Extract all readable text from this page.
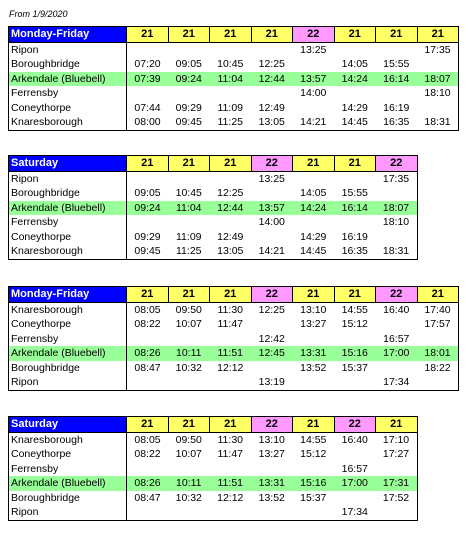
From 1/9/2020
Monday-Friday	21	21	21	21	22	21	21	21
Ripon					13:25			17:35
Boroughbridge	07:20	09:05	10:45	12:25		14:05	15:55	
Arkendale (Bluebell)	07:39	09:24	11:04	12:44	13:57	14:24	16:14	18:07
Ferrensby					14:00			18:10
Coneythorpe	07:44	09:29	11:09	12:49		14:29	16:19	
Knaresborough	08:00	09:45	11:25	13:05	14:21	14:45	16:35	18:31
Saturday	21	21	21	22	21	21	22
Ripon				13:25			17:35
Boroughbridge	09:05	10:45	12:25		14:05	15:55	
Arkendale (Bluebell)	09:24	11:04	12:44	13:57	14:24	16:14	18:07
Ferrensby				14:00			18:10
Coneythorpe	09:29	11:09	12:49		14:29	16:19	
Knaresborough	09:45	11:25	13:05	14:21	14:45	16:35	18:31
Monday-Friday	21	21	21	22	21	21	22	21
Knaresborough	08:05	09:50	11:30	12:25	13:10	14:55	16:40	17:40
Coneythorpe	08:22	10:07	11:47		13:27	15:12		17:57
Ferrensby				12:42			16:57	
Arkendale (Bluebell)	08:26	10:11	11:51	12:45	13:31	15:16	17:00	18:01
Boroughbridge	08:47	10:32	12:12		13:52	15:37		18:22
Ripon				13:19			17:34	
Saturday	21	21	21	22	21	22	21
Knaresborough	08:05	09:50	11:30	13:10	14:55	16:40	17:10
Coneythorpe	08:22	10:07	11:47	13:27	15:12		17:27
Ferrensby						16:57	
Arkendale (Bluebell)	08:26	10:11	11:51	13:31	15:16	17:00	17:31
Boroughbridge	08:47	10:32	12:12	13:52	15:37		17:52
Ripon						17:34	
